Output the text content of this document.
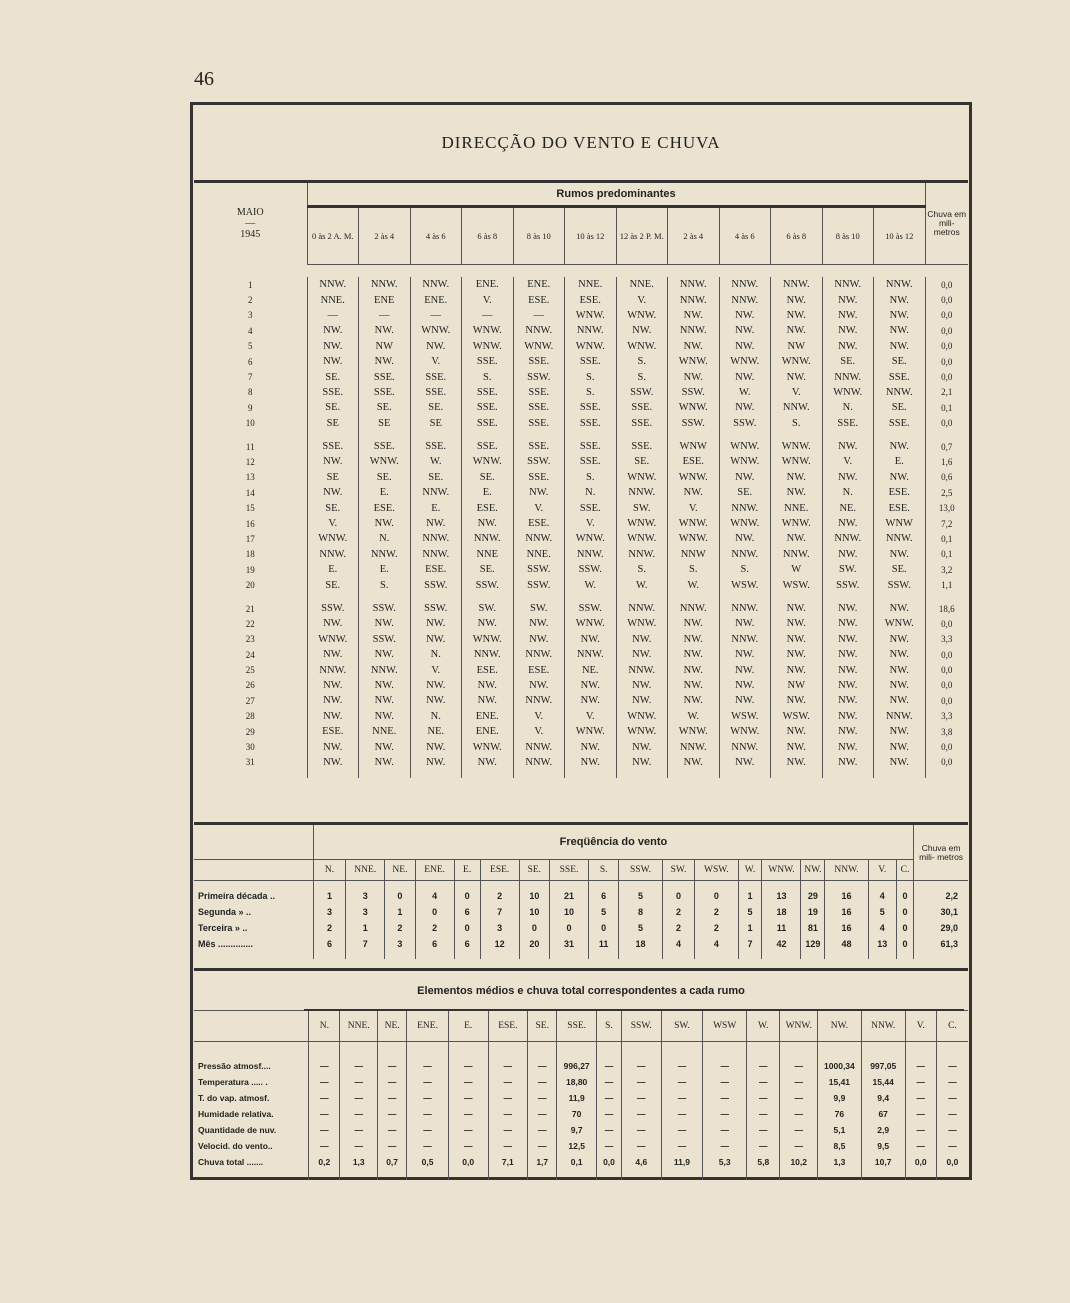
46
DIRECÇÃO DO VENTO E CHUVA
MAIO
—
1945	Rumos predominantes												Chuva em mili- metros
	0 às 2 A. M.	2 às 4	4 às 6	6 às 8	8 às 10	10 às 12	12 às 2 P. M.	2 às 4	4 às 6	6 às 8	8 às 10	10 às 12	

1	NNW.	NNW.	NNW.	ENE.	ENE.	NNE.	NNE.	NNW.	NNW.	NNW.	NNW.	NNW.	0,0
2	NNE.	ENE	ENE.	V.	ESE.	ESE.	V.	NNW.	NNW.	NW.	NW.	NW.	0,0
3	—	—	—	—	—	WNW.	WNW.	NW.	NW.	NW.	NW.	NW.	0,0
4	NW.	NW.	WNW.	WNW.	NNW.	NNW.	NW.	NNW.	NW.	NW.	NW.	NW.	0,0
5	NW.	NW	NW.	WNW.	WNW.	WNW.	WNW.	NW.	NW.	NW	NW.	NW.	0,0
6	NW.	NW.	V.	SSE.	SSE.	SSE.	S.	WNW.	WNW.	WNW.	SE.	SE.	0,0
7	SE.	SSE.	SSE.	S.	SSW.	S.	S.	NW.	NW.	NW.	NNW.	SSE.	0,0
8	SSE.	SSE.	SSE.	SSE.	SSE.	S.	SSW.	SSW.	W.	V.	WNW.	NNW.	2,1
9	SE.	SE.	SE.	SSE.	SSE.	SSE.	SSE.	WNW.	NW.	NNW.	N.	SE.	0,1
10	SE	SE	SE	SSE.	SSE.	SSE.	SSE.	SSW.	SSW.	S.	SSE.	SSE.	0,0

11	SSE.	SSE.	SSE.	SSE.	SSE.	SSE.	SSE.	WNW	WNW.	WNW.	NW.	NW.	0,7
12	NW.	WNW.	W.	WNW.	SSW.	SSE.	SE.	ESE.	WNW.	WNW.	V.	E.	1,6
13	SE	SE.	SE.	SE.	SSE.	S.	WNW.	WNW.	NW.	NW.	NW.	NW.	0,6
14	NW.	E.	NNW.	E.	NW.	N.	NNW.	NW.	SE.	NW.	N.	ESE.	2,5
15	SE.	ESE.	E.	ESE.	V.	SSE.	SW.	V.	NNW.	NNE.	NE.	ESE.	13,0
16	V.	NW.	NW.	NW.	ESE.	V.	WNW.	WNW.	WNW.	WNW.	NW.	WNW	7,2
17	WNW.	N.	NNW.	NNW.	NNW.	WNW.	WNW.	WNW.	NW.	NW.	NNW.	NNW.	0,1
18	NNW.	NNW.	NNW.	NNE	NNE.	NNW.	NNW.	NNW	NNW.	NNW.	NW.	NW.	0,1
19	E.	E.	ESE.	SE.	SSW.	SSW.	S.	S.	S.	W	SW.	SE.	3,2
20	SE.	S.	SSW.	SSW.	SSW.	W.	W.	W.	WSW.	WSW.	SSW.	SSW.	1,1

21	SSW.	SSW.	SSW.	SW.	SW.	SSW.	NNW.	NNW.	NNW.	NW.	NW.	NW.	18,6
22	NW.	NW.	NW.	NW.	NW.	WNW.	WNW.	NW.	NW.	NW.	NW.	WNW.	0,0
23	WNW.	SSW.	NW.	WNW.	NW.	NW.	NW.	NW.	NNW.	NW.	NW.	NW.	3,3
24	NW.	NW.	N.	NNW.	NNW.	NNW.	NW.	NW.	NW.	NW.	NW.	NW.	0,0
25	NNW.	NNW.	V.	ESE.	ESE.	NE.	NNW.	NW.	NW.	NW.	NW.	NW.	0,0
26	NW.	NW.	NW.	NW.	NW.	NW.	NW.	NW.	NW.	NW	NW.	NW.	0,0
27	NW.	NW.	NW.	NW.	NNW.	NW.	NW.	NW.	NW.	NW.	NW.	NW.	0,0
28	NW.	NW.	N.	ENE.	V.	V.	WNW.	W.	WSW.	WSW.	NW.	NNW.	3,3
29	ESE.	NNE.	NE.	ENE.	V.	WNW.	WNW.	WNW.	WNW.	NW.	NW.	NW.	3,8
30	NW.	NW.	NW.	WNW.	NNW.	NW.	NW.	NNW.	NNW.	NW.	NW.	NW.	0,0
31	NW.	NW.	NW.	NW.	NNW.	NW.	NW.	NW.	NW.	NW.	NW.	NW.	0,0

	Freqüência do vento																		Chuva em mili- metros
	N.	NNE.	NE.	ENE.	E.	ESE.	SE.	SSE.	S.	SSW.	SW.	WSW.	W.	WNW.	NW.	NNW.	V.	C.	

Primeira década ..	1	3	0	4	0	2	10	21	6	5	0	0	1	13	29	16	4	0	2,2
Segunda » ..	3	3	1	0	6	7	10	10	5	8	2	2	5	18	19	16	5	0	30,1
Terceira » ..	2	1	2	2	0	3	0	0	0	5	2	2	1	11	81	16	4	0	29,0
Mês ..............	6	7	3	6	6	12	20	31	11	18	4	4	7	42	129	48	13	0	61,3

Elementos médios e chuva total correspondentes a cada rumo																		
	N.	NNE.	NE.	ENE.	E.	ESE.	SE.	SSE.	S.	SSW.	SW.	WSW	W.	WNW.	NW.	NNW.	V.	C.

Pressão atmosf....	—	—	—	—	—	—	—	996,27	—	—	—	—	—	—	1000,34	997,05	—	—
Temperatura ..... .	—	—	—	—	—	—	—	18,80	—	—	—	—	—	—	15,41	15,44	—	—
T. do vap. atmosf.	—	—	—	—	—	—	—	11,9	—	—	—	—	—	—	9,9	9,4	—	—
Humidade relativa.	—	—	—	—	—	—	—	70	—	—	—	—	—	—	76	67	—	—
Quantidade de nuv.	—	—	—	—	—	—	—	9,7	—	—	—	—	—	—	5,1	2,9	—	—
Velocid. do vento..	—	—	—	—	—	—	—	12,5	—	—	—	—	—	—	8,5	9,5	—	—
Chuva total .......	0,2	1,3	0,7	0,5	0,0	7,1	1,7	0,1	0,0	4,6	11,9	5,3	5,8	10,2	1,3	10,7	0,0	0,0
